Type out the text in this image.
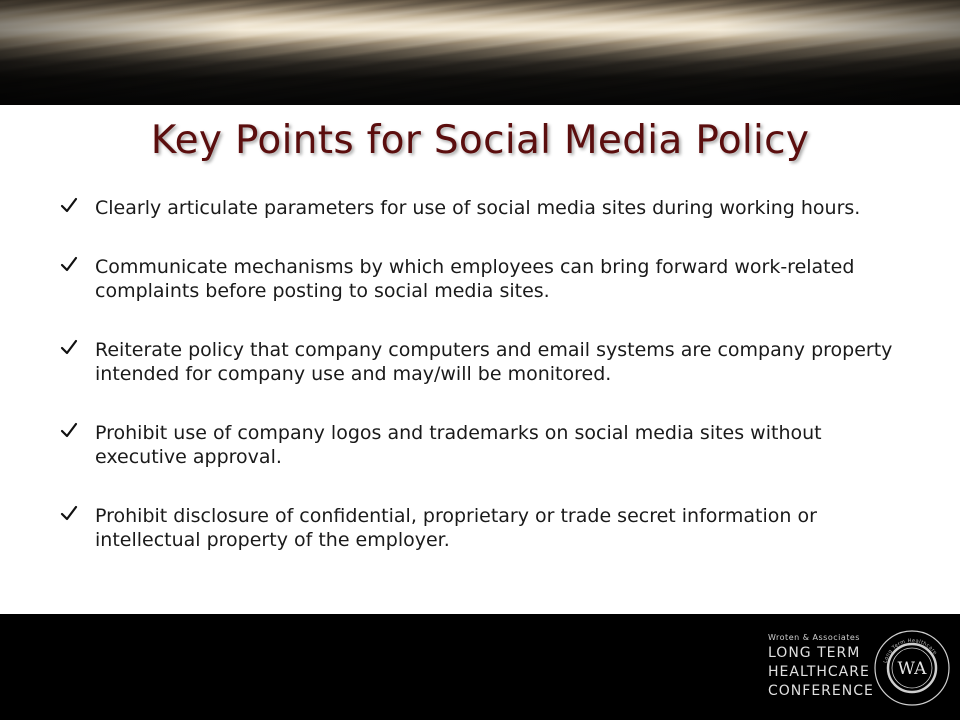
Key Points for Social Media Policy
Clearly articulate parameters for use of social media sites during working hours.
Communicate mechanisms by which employees can bring forward work-related complaints before posting to social media sites.
Reiterate policy that company computers and email systems are company property intended for company use and may/will be monitored.
Prohibit use of company logos and trademarks on social media sites without executive approval.
Prohibit disclosure of confidential, proprietary or trade secret information or intellectual property of the employer.
Wroten & Associates
LONG TERM
HEALTHCARE
CONFERENCE
Long Term Healthcare
WA
